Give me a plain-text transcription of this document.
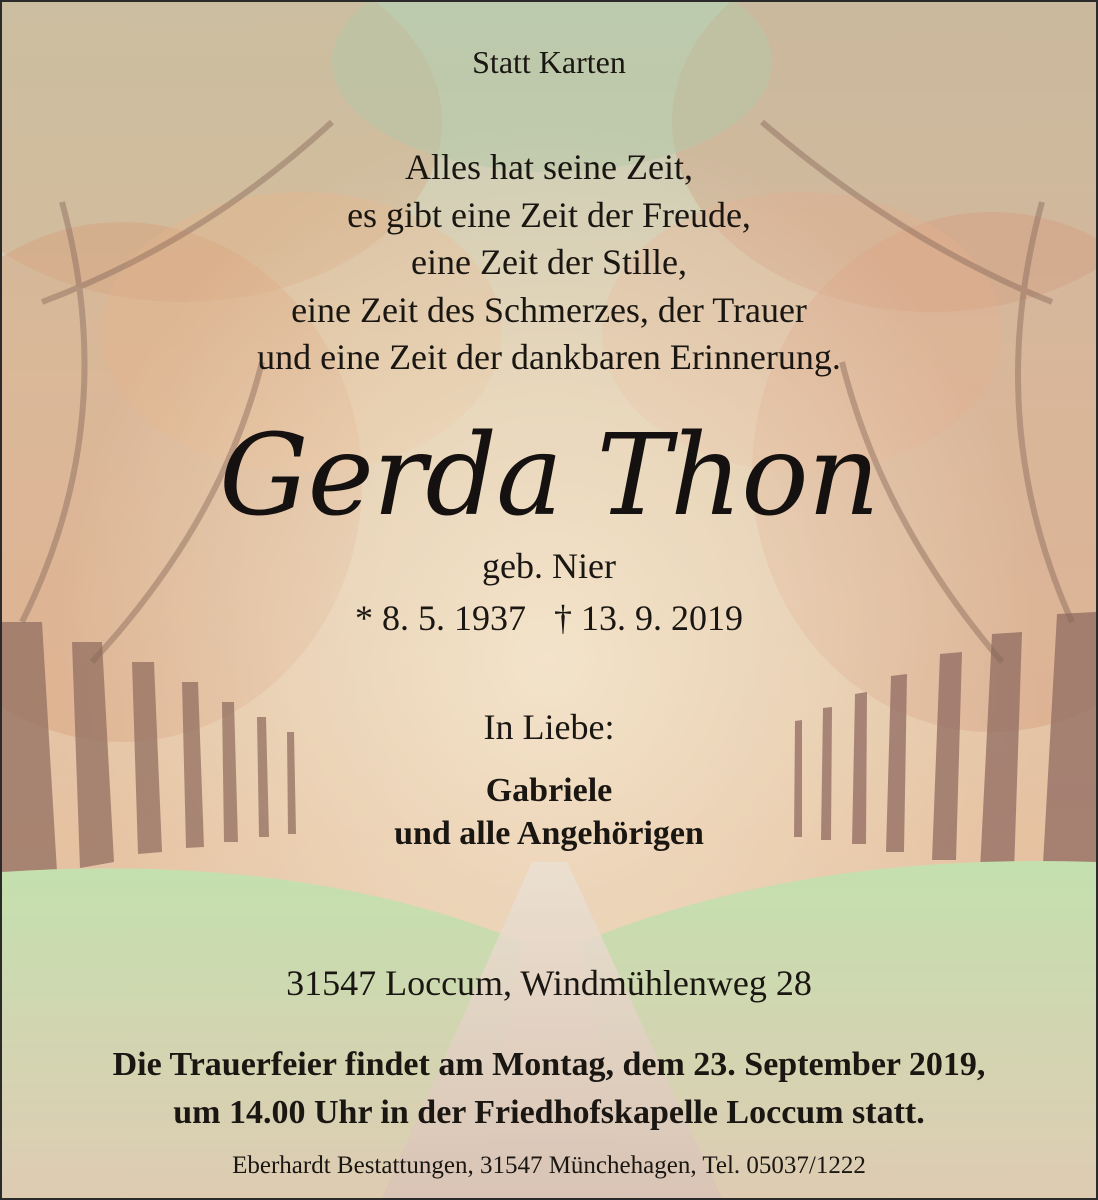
Statt Karten

Alles hat seine Zeit,
es gibt eine Zeit der Freude,
eine Zeit der Stille,
eine Zeit des Schmerzes, der Trauer
und eine Zeit der dankbaren Erinnerung.

Gerda Thon

geb. Nier

* 8. 5. 1937 † 13. 9. 2019

In Liebe:

Gabriele

und alle Angehörigen

31547 Loccum, Windmühlenweg 28

Die Trauerfeier findet am Montag, dem 23. September 2019,
um 14.00 Uhr in der Friedhofskapelle Loccum statt.

Eberhardt Bestattungen, 31547 Münchehagen, Tel. 05037/1222
